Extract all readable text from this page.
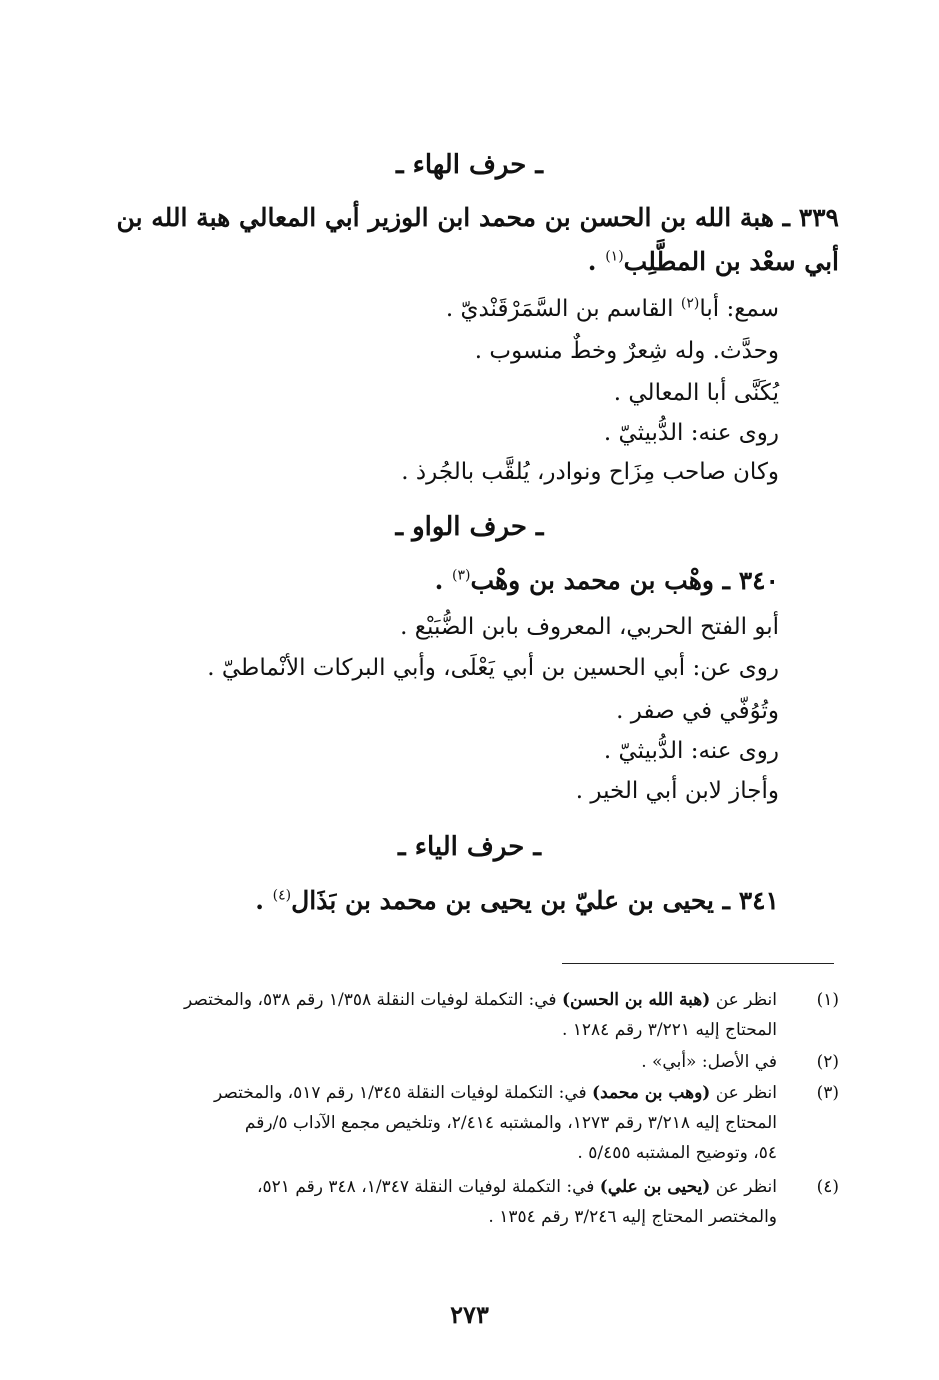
ـ حرف الهاء ـ
٣٣٩ ـ هبة الله بن الحسن بن محمد ابن الوزير أبي المعالي هبة الله بن
أبي سعْد بن المطَّلِب$^{(١)}$ .
سمع: أبا$^{(٢)}$ القاسم بن السَّمَرْقَنْديّ .
وحدَّث. وله شِعرٌ وخطٌ منسوب .
يُكَنَّى أبا المعالي .
روى عنه: الدُّبيثيّ .
وكان صاحب مِزَاح ونوادر، يُلقَّب بالجُرذ .
ـ حرف الواو ـ
٣٤٠ ـ وهْب بن محمد بن وهْب$^{(٣)}$ .
أبو الفتح الحربي، المعروف بابن الضُّبَيْع .
روى عن: أبي الحسين بن أبي يَعْلَى، وأبي البركات الأنْماطيّ .
وتُوُفّي في صفر .
روى عنه: الدُّبيثيّ .
وأجاز لابن أبي الخير .
ـ حرف الياء ـ
٣٤١ ـ يحيى بن عليّ بن يحيى بن محمد بن بَذَال$^{(٤)}$ .
(١)
انظر عن (هبة الله بن الحسن) في: التكملة لوفيات النقلة ١/٣٥٨ رقم ٥٣٨، والمختصر
المحتاج إليه ٣/٢٢١ رقم ١٢٨٤ .
(٢)
في الأصل: «أبي» .
(٣)
انظر عن (وهب بن محمد) في: التكملة لوفيات النقلة ١/٣٤٥ رقم ٥١٧، والمختصر
المحتاج إليه ٣/٢١٨ رقم ١٢٧٣، والمشتبه ٢/٤١٤، وتلخيص مجمع الآداب ٥/رقم
٥٤، وتوضيح المشتبه ٥/٤٥٥ .
(٤)
انظر عن (يحيى بن علي) في: التكملة لوفيات النقلة ١/٣٤٧، ٣٤٨ رقم ٥٢١،
والمختصر المحتاج إليه ٣/٢٤٦ رقم ١٣٥٤ .
٢٧٣
